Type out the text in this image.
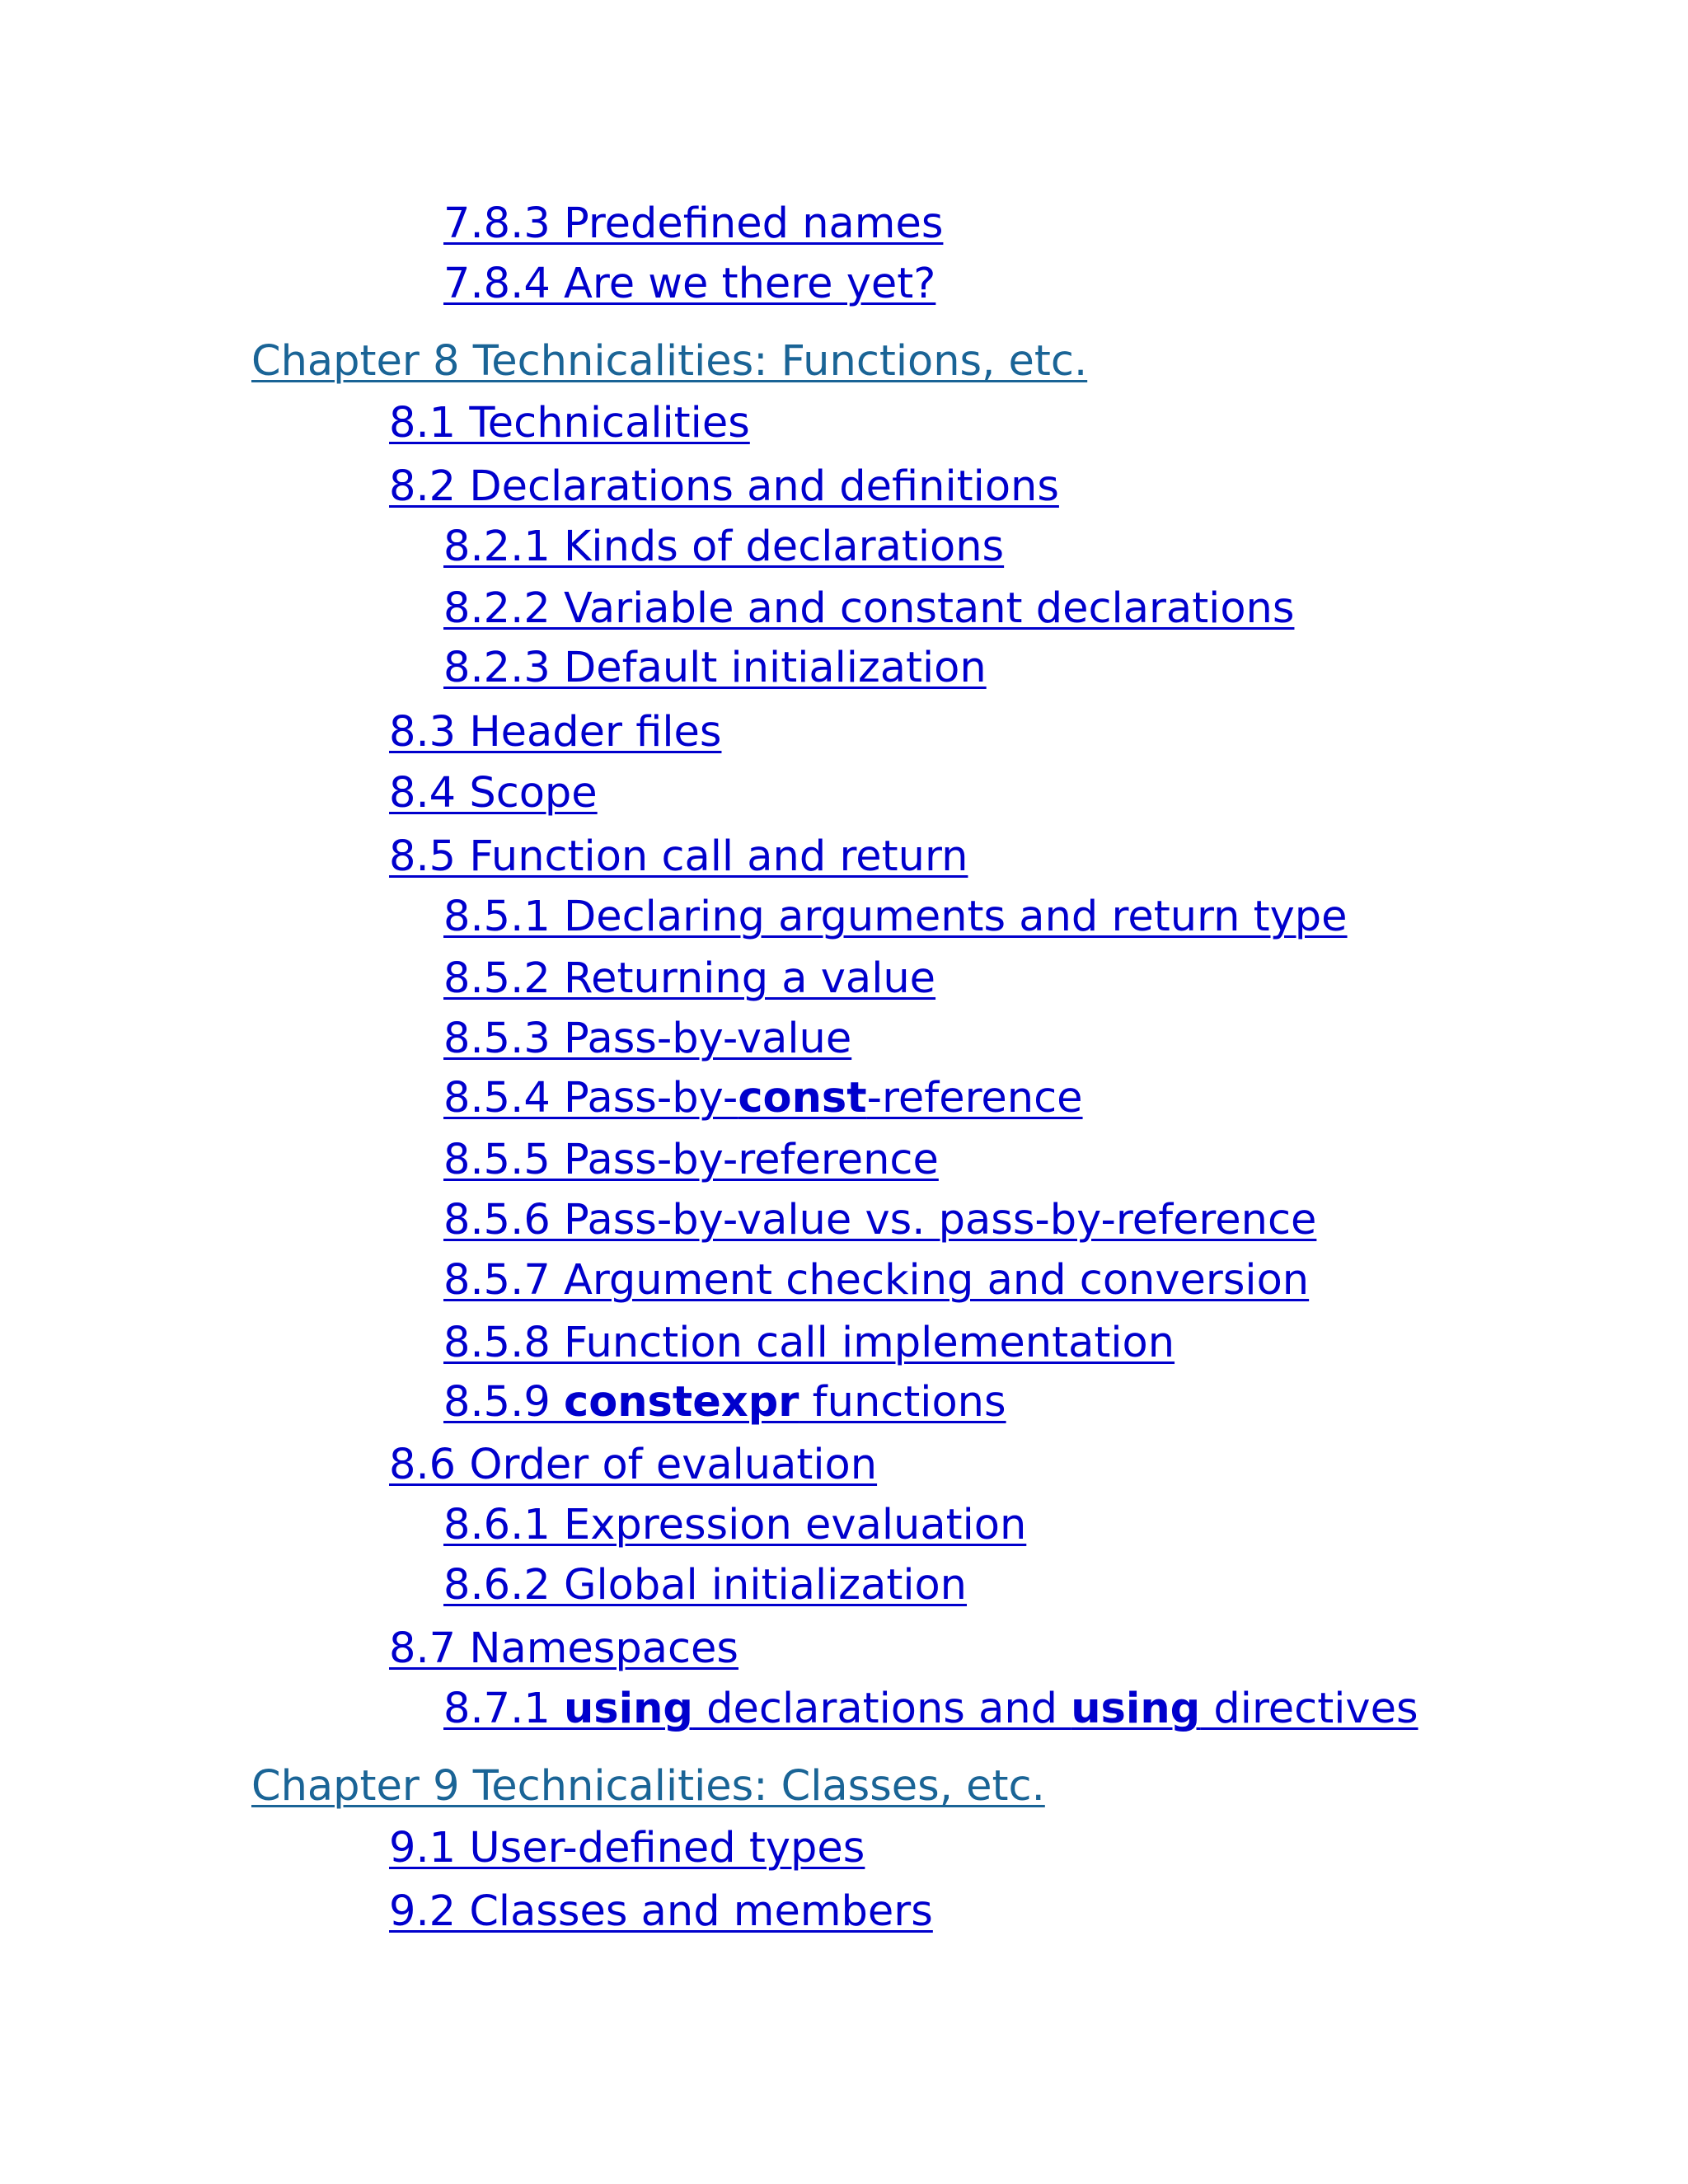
7.8.3 Predefined names
7.8.4 Are we there yet?
Chapter 8 Technicalities: Functions, etc.
8.1 Technicalities
8.2 Declarations and definitions
8.2.1 Kinds of declarations
8.2.2 Variable and constant declarations
8.2.3 Default initialization
8.3 Header files
8.4 Scope
8.5 Function call and return
8.5.1 Declaring arguments and return type
8.5.2 Returning a value
8.5.3 Pass-by-value
8.5.4 Pass-by-const-reference
8.5.5 Pass-by-reference
8.5.6 Pass-by-value vs. pass-by-reference
8.5.7 Argument checking and conversion
8.5.8 Function call implementation
8.5.9 constexpr functions
8.6 Order of evaluation
8.6.1 Expression evaluation
8.6.2 Global initialization
8.7 Namespaces
8.7.1 using declarations and using directives
Chapter 9 Technicalities: Classes, etc.
9.1 User-defined types
9.2 Classes and members
